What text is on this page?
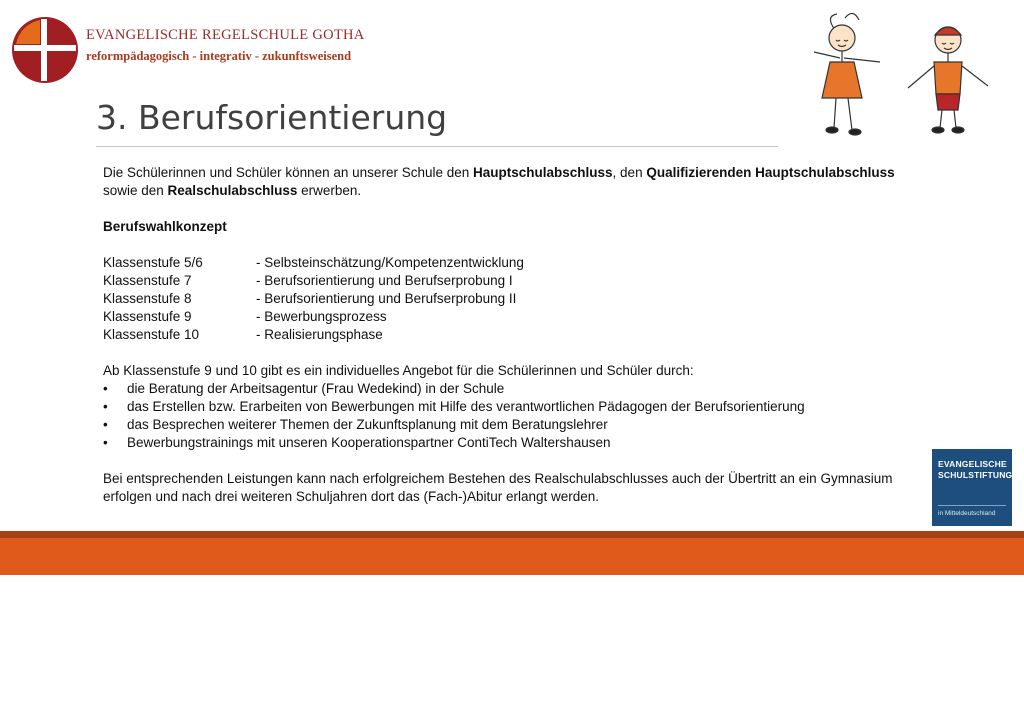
EVANGELISCHE REGELSCHULE GOTHA
reformpädagogisch - integrativ - zukunftsweisend
3. Berufsorientierung

Die Schülerinnen und Schüler können an unserer Schule den Hauptschulabschluss, den Qualifizierenden Hauptschulabschluss sowie den Realschulabschluss erwerben.

Berufswahlkonzept

Klassenstufe 5/6	- Selbsteinschätzung/Kompetenzentwicklung
Klassenstufe 7	- Berufsorientierung und Berufserprobung I
Klassenstufe 8	- Berufsorientierung und Berufserprobung II
Klassenstufe 9	- Bewerbungsprozess
Klassenstufe 10	- Realisierungsphase

Ab Klassenstufe 9 und 10 gibt es ein individuelles Angebot für die Schülerinnen und Schüler durch:

•	die Beratung der Arbeitsagentur (Frau Wedekind) in der Schule
•	das Erstellen bzw. Erarbeiten von Bewerbungen mit Hilfe des verantwortlichen Pädagogen der Berufsorientierung
•	das Besprechen weiterer Themen der Zukunftsplanung mit dem Beratungslehrer
•	Bewerbungstrainings mit unseren Kooperationspartner ContiTech Waltershausen

Bei entsprechenden Leistungen kann nach erfolgreichem Bestehen des Realschulabschlusses auch der Übertritt an ein Gymnasium

erfolgen und nach drei weiteren Schuljahren dort das (Fach-)Abitur erlangt werden.

EVANGELISCHE
SCHULSTIFTUNG
in Mitteldeutschland
